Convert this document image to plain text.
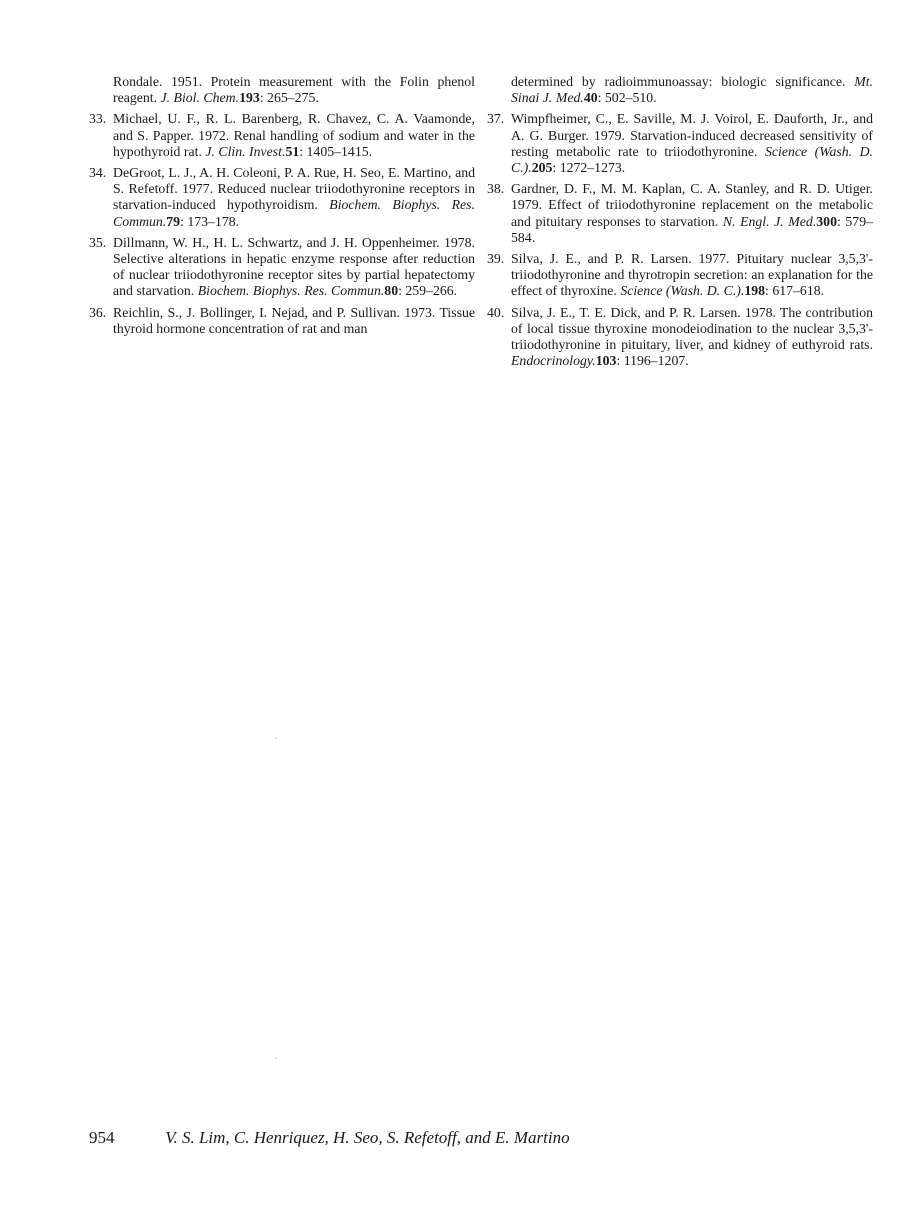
Rondale. 1951. Protein measurement with the Folin phenol reagent. J. Biol. Chem.193: 265–275.

33. Michael, U. F., R. L. Barenberg, R. Chavez, C. A. Vaamonde, and S. Papper. 1972. Renal handling of sodium and water in the hypothyroid rat. J. Clin. Invest.51: 1405–1415.

34. DeGroot, L. J., A. H. Coleoni, P. A. Rue, H. Seo, E. Martino, and S. Refetoff. 1977. Reduced nuclear triiodothyronine receptors in starvation-induced hypothyroidism. Biochem. Biophys. Res. Commun.79: 173–178.

35. Dillmann, W. H., H. L. Schwartz, and J. H. Oppenheimer. 1978. Selective alterations in hepatic enzyme response after reduction of nuclear triiodothyronine receptor sites by partial hepatectomy and starvation. Biochem. Biophys. Res. Commun.80: 259–266.

36. Reichlin, S., J. Bollinger, I. Nejad, and P. Sullivan. 1973. Tissue thyroid hormone concentration of rat and man

determined by radioimmunoassay: biologic significance. Mt. Sinai J. Med.40: 502–510.

37. Wimpfheimer, C., E. Saville, M. J. Voirol, E. Dauforth, Jr., and A. G. Burger. 1979. Starvation-induced decreased sensitivity of resting metabolic rate to triiodothyronine. Science (Wash. D. C.).205: 1272–1273.

38. Gardner, D. F., M. M. Kaplan, C. A. Stanley, and R. D. Utiger. 1979. Effect of triiodothyronine replacement on the metabolic and pituitary responses to starvation. N. Engl. J. Med.300: 579–584.

39. Silva, J. E., and P. R. Larsen. 1977. Pituitary nuclear 3,5,3'-triiodothyronine and thyrotropin secretion: an explanation for the effect of thyroxine. Science (Wash. D. C.).198: 617–618.

40. Silva, J. E., T. E. Dick, and P. R. Larsen. 1978. The contribution of local tissue thyroxine monodeiodination to the nuclear 3,5,3'-triiodothyronine in pituitary, liver, and kidney of euthyroid rats. Endocrinology.103: 1196–1207.

954	V. S. Lim, C. Henriquez, H. Seo, S. Refetoff, and E. Martino
